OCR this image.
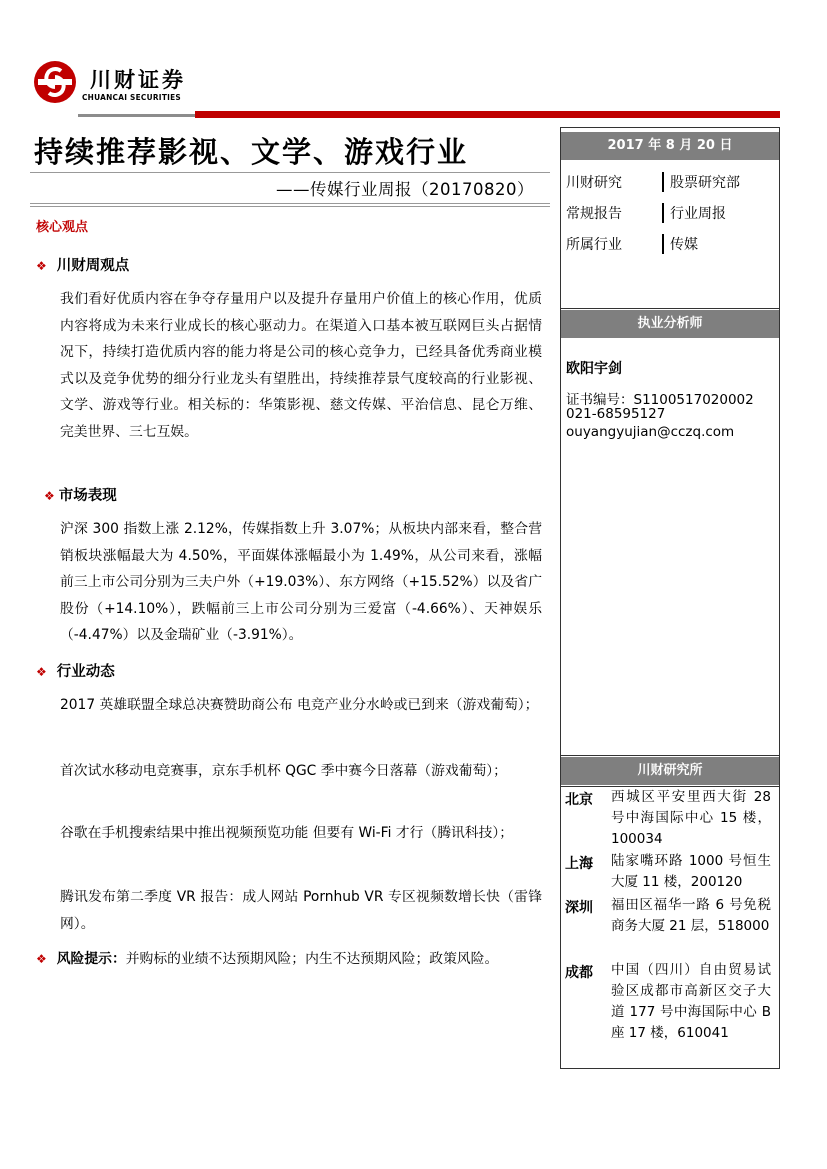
川财证券
CHUANCAI SECURITIES
持续推荐影视、文学、游戏行业
——传媒行业周报（20170820）
核心观点
❖ 川财周观点

我们看好优质内容在争夺存量用户以及提升存量用户价值上的核心作用，优质内容将成为未来行业成长的核心驱动力。在渠道入口基本被互联网巨头占据情况下，持续打造优质内容的能力将是公司的核心竞争力，已经具备优秀商业模式以及竞争优势的细分行业龙头有望胜出，持续推荐景气度较高的行业影视、文学、游戏等行业。相关标的：华策影视、慈文传媒、平治信息、昆仑万维、完美世界、三七互娱。

❖ 市场表现

沪深 300 指数上涨 2.12%，传媒指数上升 3.07%；从板块内部来看，整合营销板块涨幅最大为 4.50%，平面媒体涨幅最小为 1.49%，从公司来看，涨幅前三上市公司分别为三夫户外（+19.03%）、东方网络（+15.52%）以及省广股份（+14.10%），跌幅前三上市公司分别为三爱富（-4.66%）、天神娱乐（-4.47%）以及金瑞矿业（-3.91%）。

❖ 行业动态

2017 英雄联盟全球总决赛赞助商公布 电竞产业分水岭或已到来（游戏葡萄）；

首次试水移动电竞赛事，京东手机杯 QGC 季中赛今日落幕（游戏葡萄）；

谷歌在手机搜索结果中推出视频预览功能 但要有 Wi-Fi 才行（腾讯科技）；

腾讯发布第二季度 VR 报告：成人网站 Pornhub VR 专区视频数增长快（雷锋网）。

❖ 风险提示：并购标的业绩不达预期风险；内生不达预期风险；政策风险。
2017 年 8 月 20 日
川财研究	股票研究部
常规报告	行业周报
所属行业	传媒
执业分析师
欧阳宇剑
证书编号：S1100517020002
021-68595127
ouyangyujian@cczq.com
川财研究所
北京 西城区平安里西大街 28 号中海国际中心 15 楼，100034
上海 陆家嘴环路 1000 号恒生大厦 11 楼，200120
深圳 福田区福华一路 6 号免税商务大厦 21 层，518000
成都 中国（四川）自由贸易试验区成都市高新区交子大道 177 号中海国际中心 B 座 17 楼，610041
